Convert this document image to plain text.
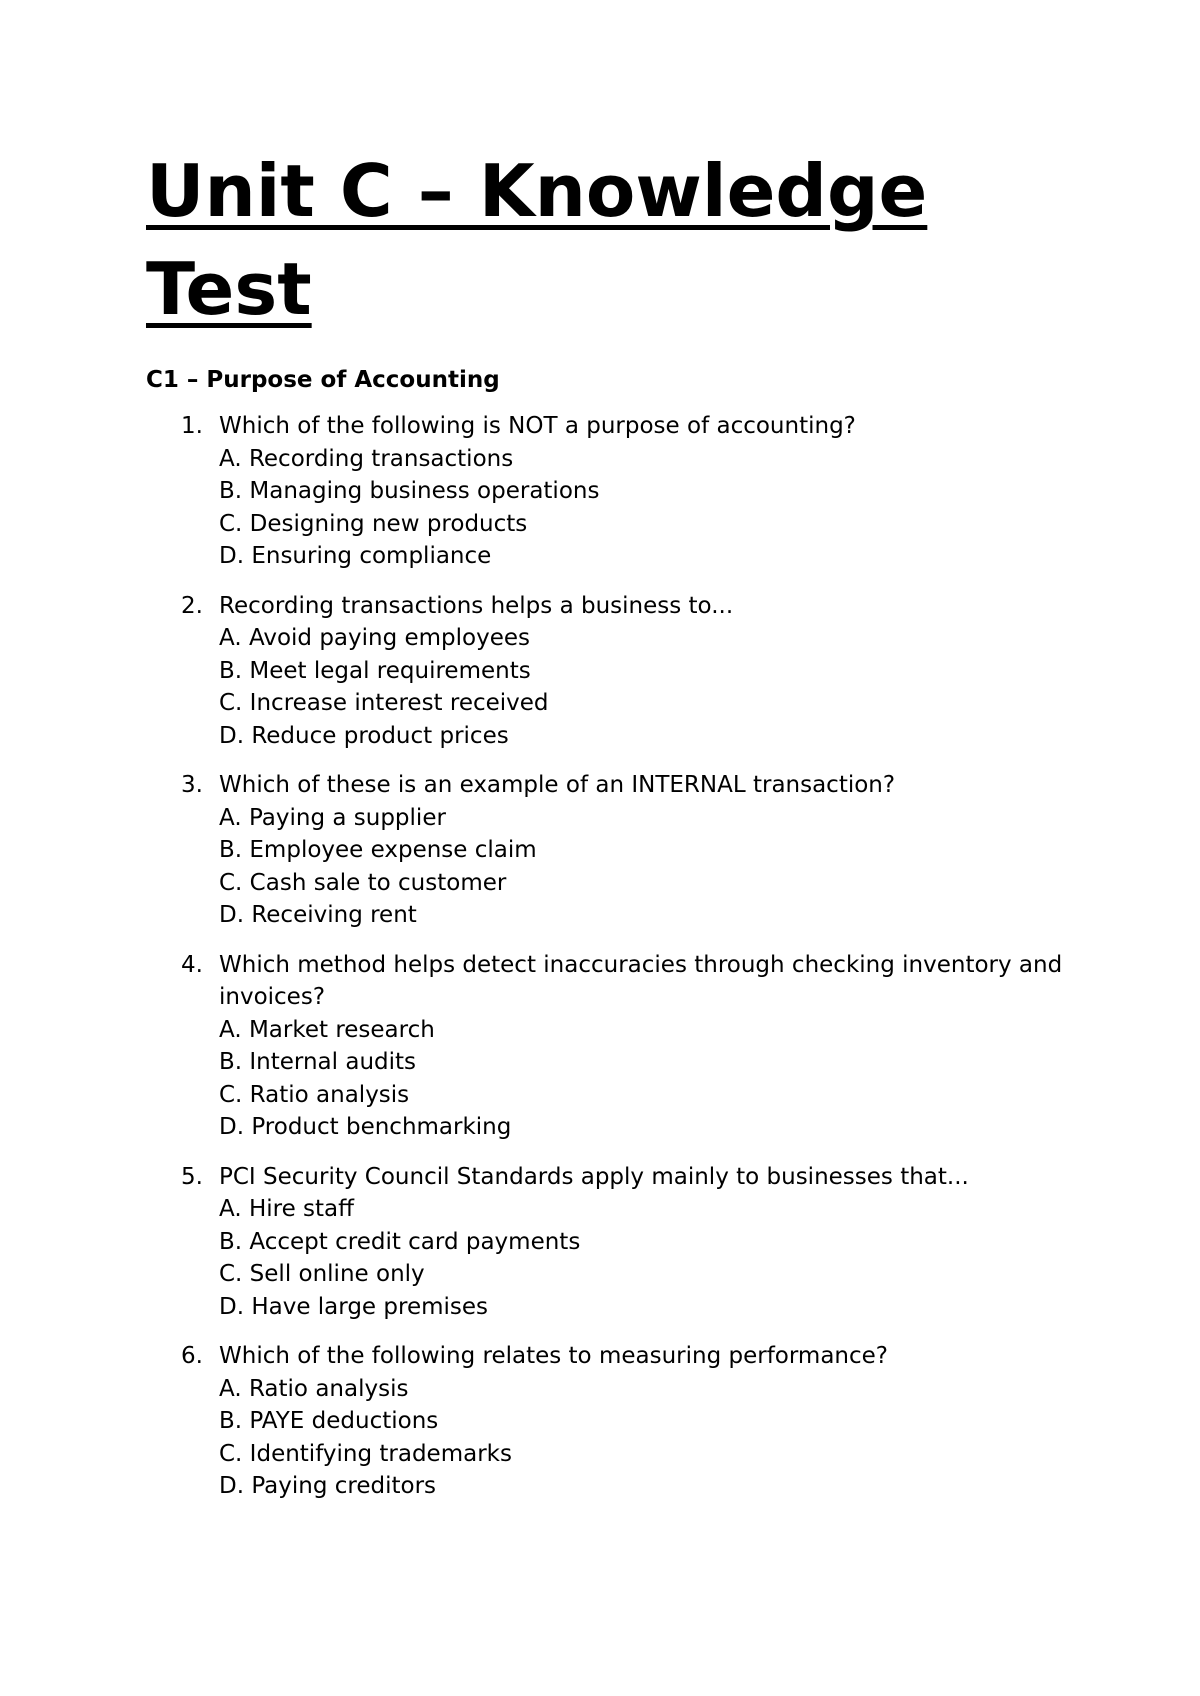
Unit C – Knowledge Test
C1 – Purpose of Accounting
1. Which of the following is NOT a purpose of accounting?
A. Recording transactions
B. Managing business operations
C. Designing new products
D. Ensuring compliance
2. Recording transactions helps a business to...
A. Avoid paying employees
B. Meet legal requirements
C. Increase interest received
D. Reduce product prices
3. Which of these is an example of an INTERNAL transaction?
A. Paying a supplier
B. Employee expense claim
C. Cash sale to customer
D. Receiving rent
4. Which method helps detect inaccuracies through checking inventory and invoices?
A. Market research
B. Internal audits
C. Ratio analysis
D. Product benchmarking
5. PCI Security Council Standards apply mainly to businesses that...
A. Hire staff
B. Accept credit card payments
C. Sell online only
D. Have large premises
6. Which of the following relates to measuring performance?
A. Ratio analysis
B. PAYE deductions
C. Identifying trademarks
D. Paying creditors
